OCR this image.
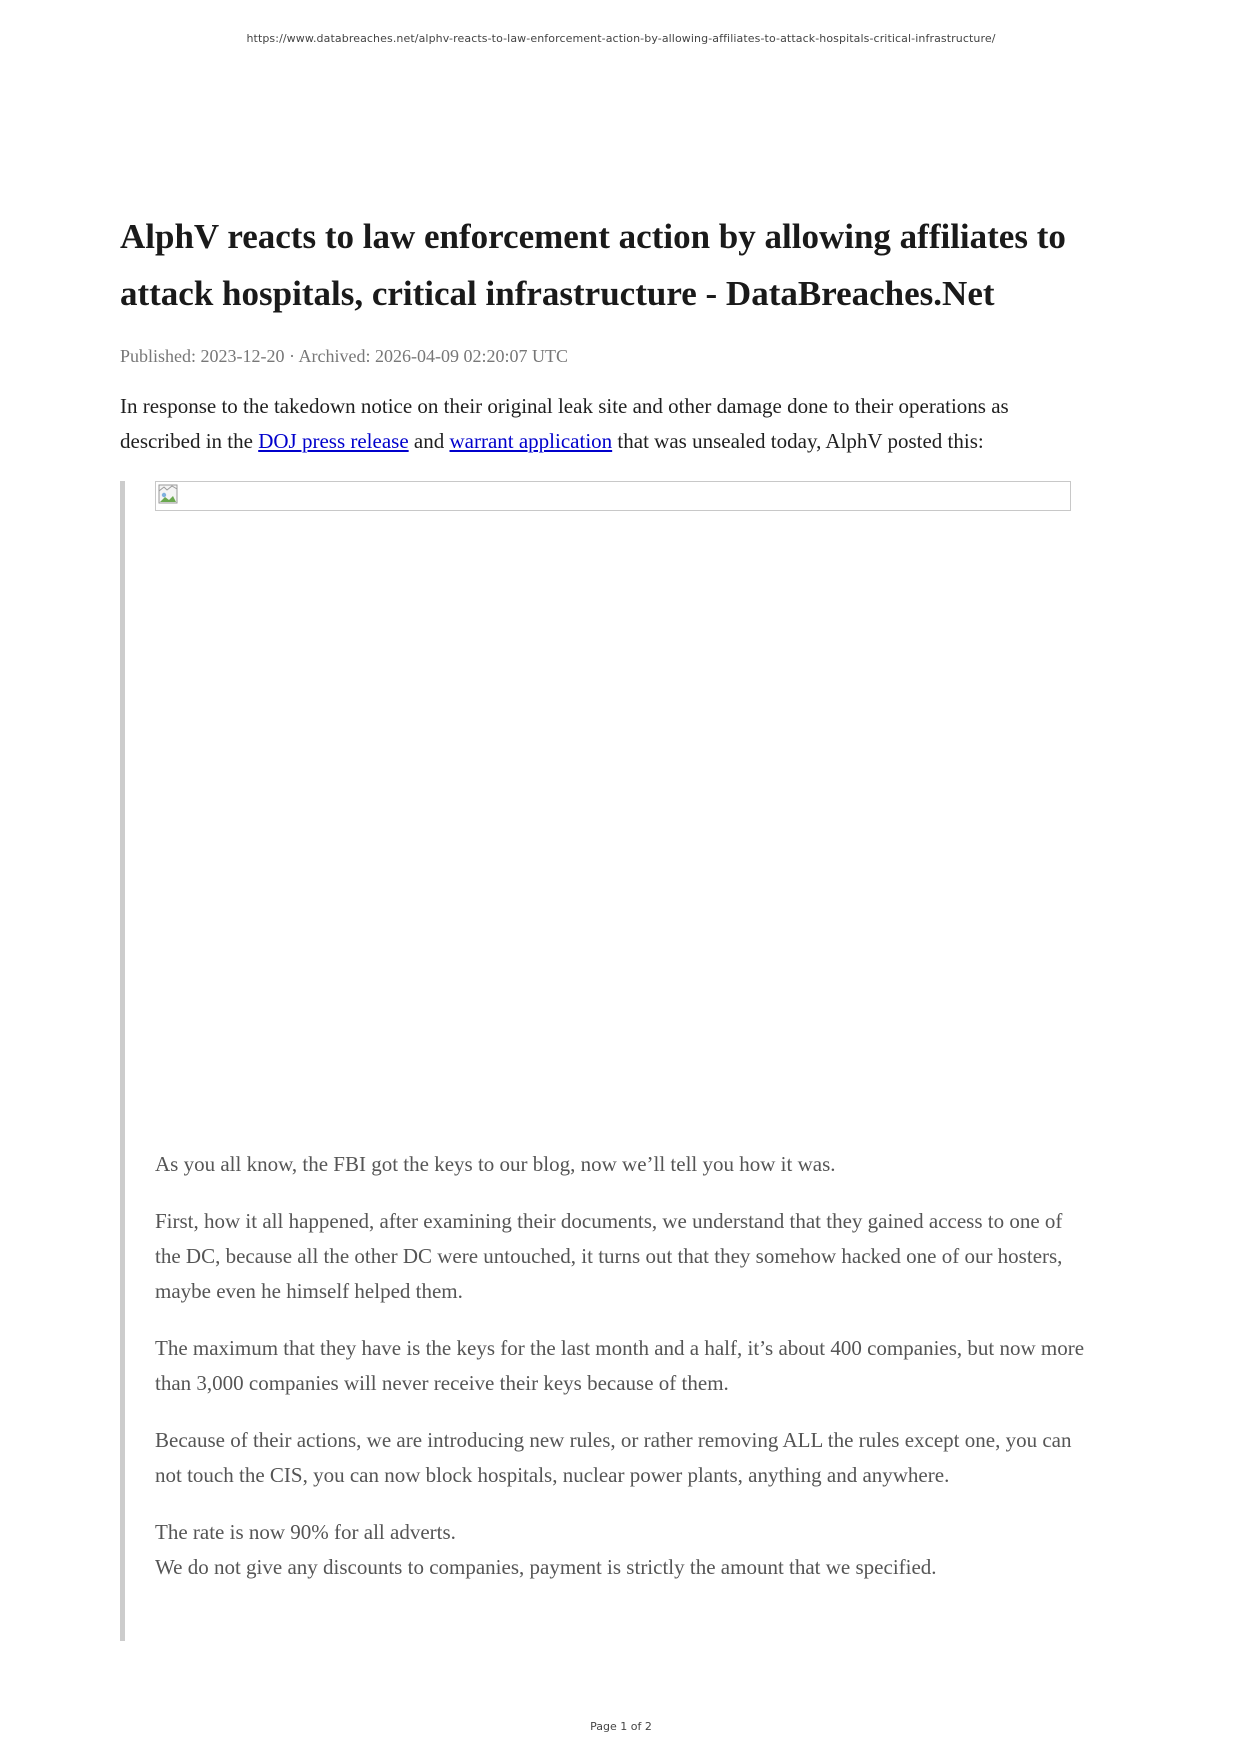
https://www.databreaches.net/alphv-reacts-to-law-enforcement-action-by-allowing-affiliates-to-attack-hospitals-critical-infrastructure/
AlphV reacts to law enforcement action by allowing affiliates to attack hospitals, critical infrastructure - DataBreaches.Net
Published: 2023-12-20 · Archived: 2026-04-09 02:20:07 UTC

In response to the takedown notice on their original leak site and other damage done to their operations as described in the DOJ press release and warrant application that was unsealed today, AlphV posted this:

As you all know, the FBI got the keys to our blog, now we’ll tell you how it was.

First, how it all happened, after examining their documents, we understand that they gained access to one of the DC, because all the other DC were untouched, it turns out that they somehow hacked one of our hosters, maybe even he himself helped them.

The maximum that they have is the keys for the last month and a half, it’s about 400 companies, but now more than 3,000 companies will never receive their keys because of them.

Because of their actions, we are introducing new rules, or rather removing ALL the rules except one, you can not touch the CIS, you can now block hospitals, nuclear power plants, anything and anywhere.

The rate is now 90% for all adverts.
We do not give any discounts to companies, payment is strictly the amount that we specified.

Page 1 of 2
